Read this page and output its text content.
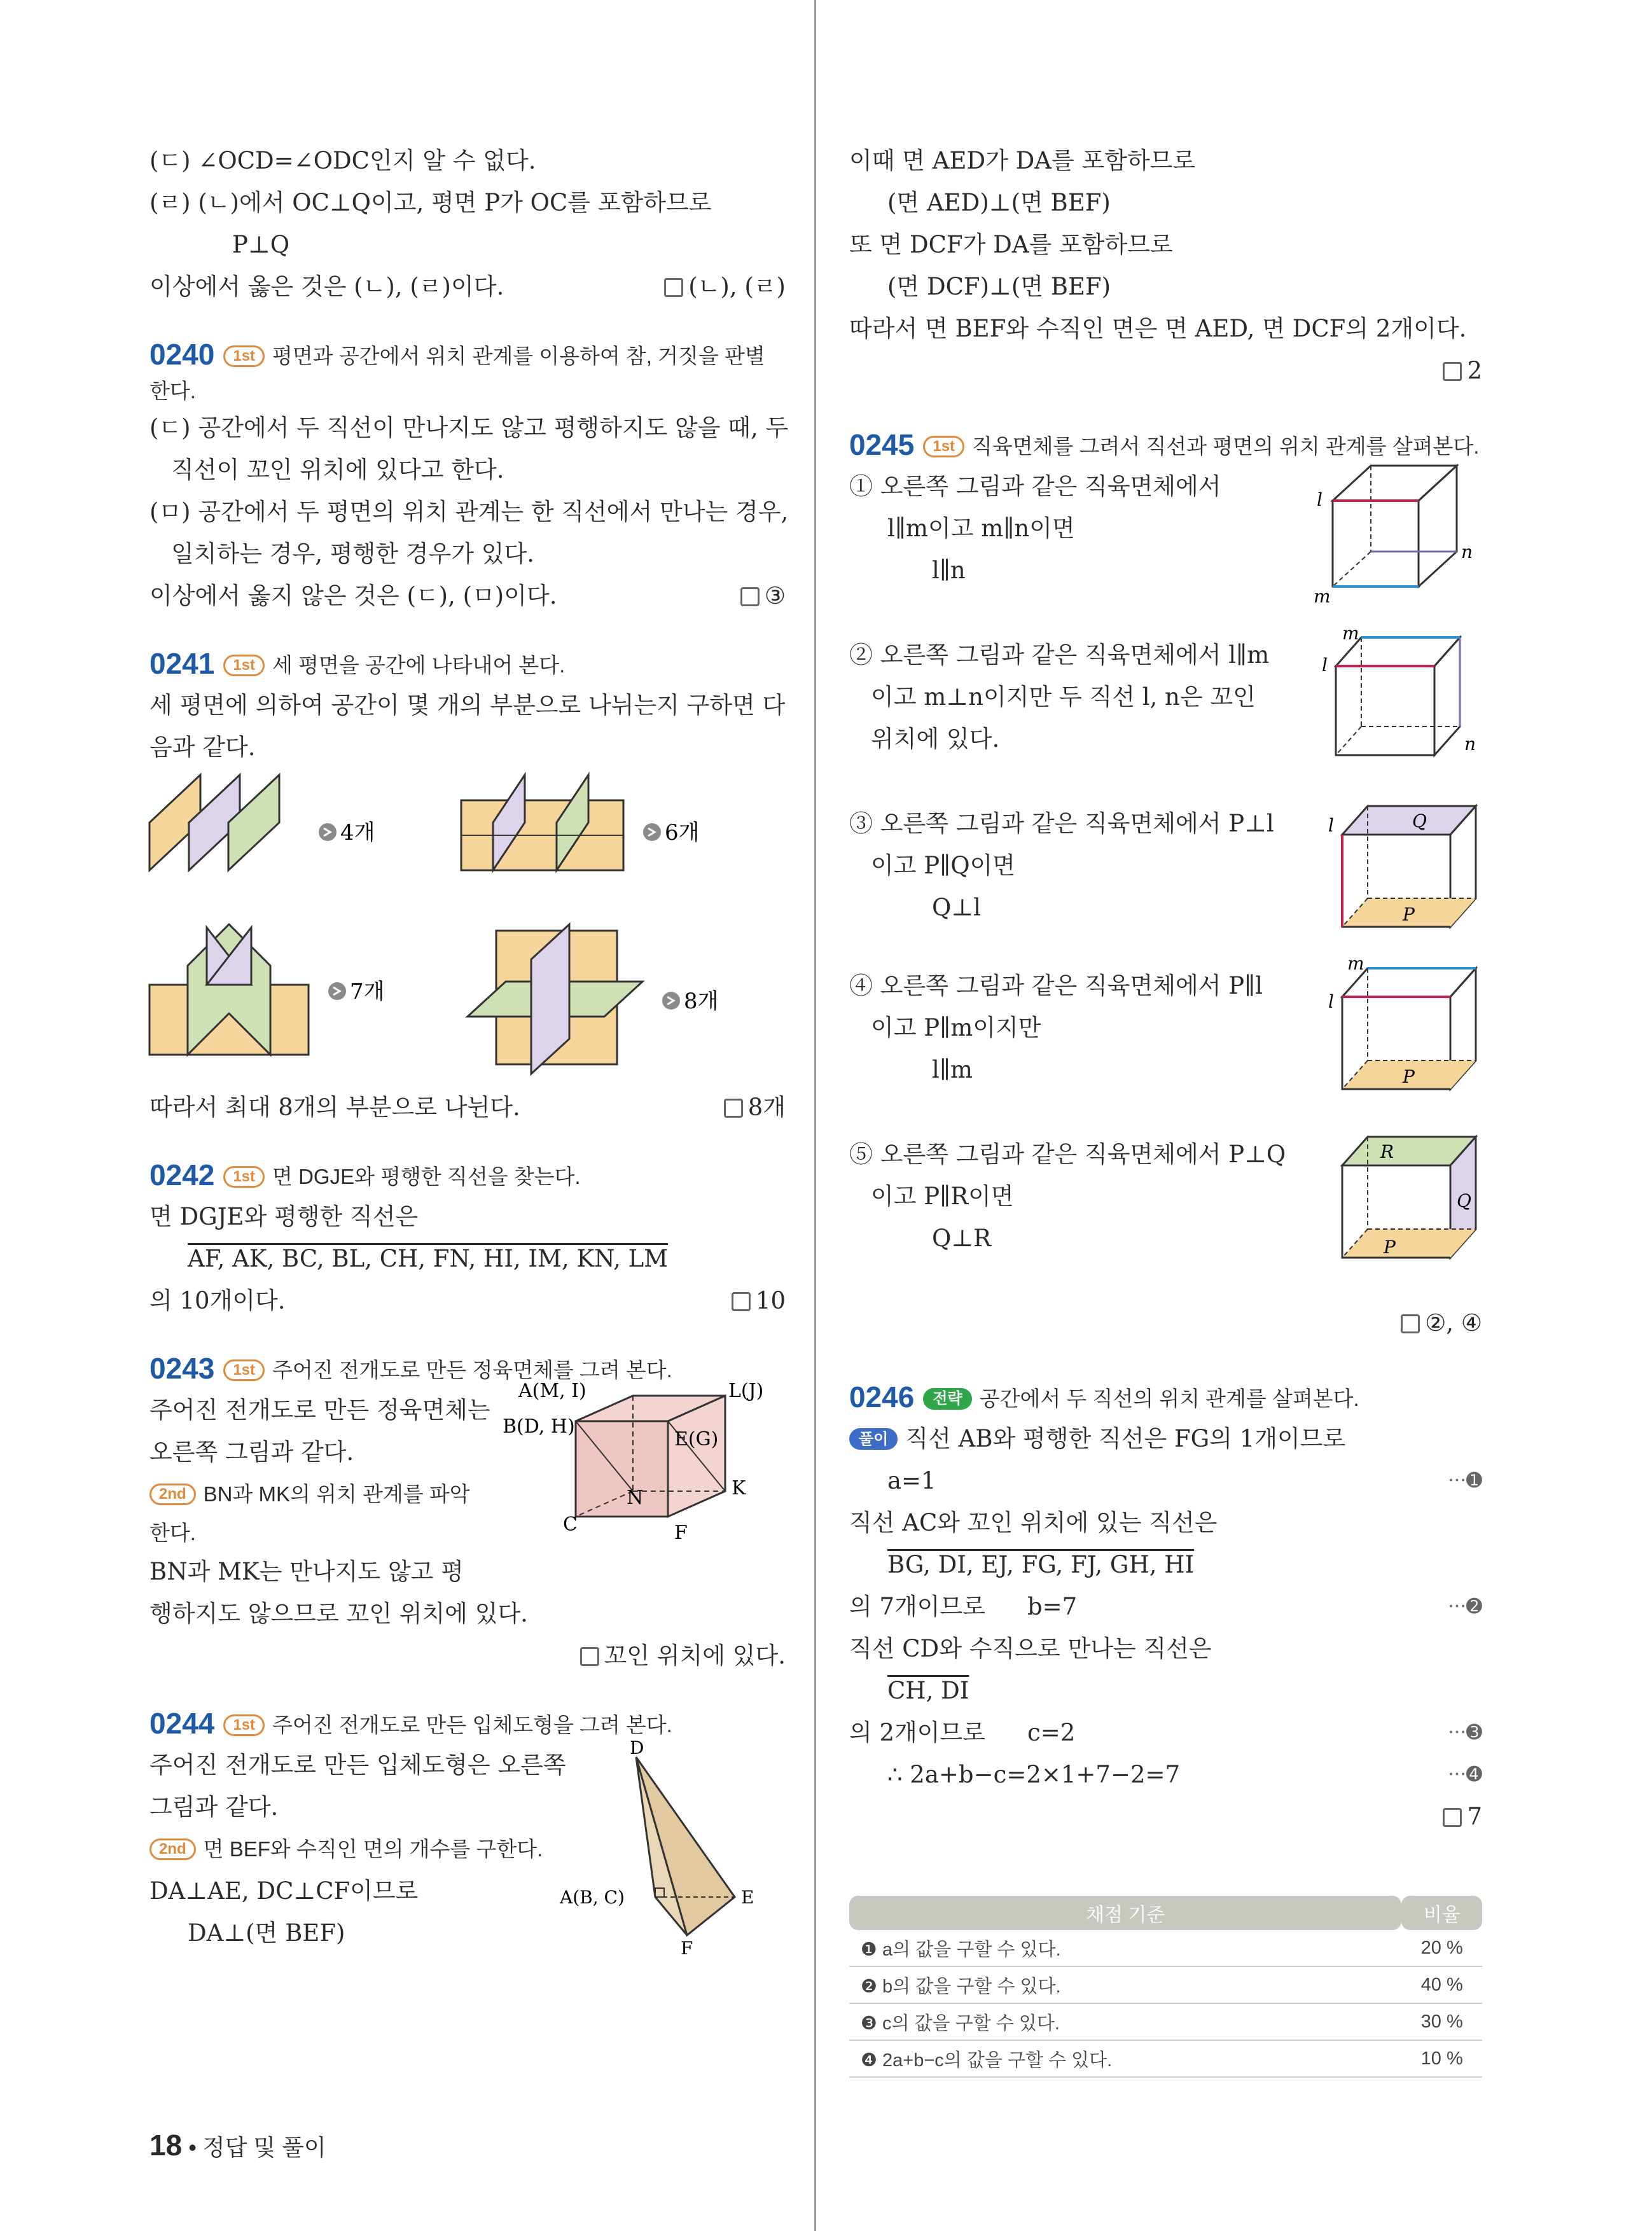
(ㄷ) ∠OCD=∠ODC인지 알 수 없다.
(ㄹ) (ㄴ)에서 OC⊥Q이고, 평면 P가 OC를 포함하므로
P⊥Q
이상에서 옳은 것은 (ㄴ), (ㄹ)이다.	(ㄴ), (ㄹ)
0240 1st 평면과 공간에서 위치 관계를 이용하여 참, 거짓을 판별
한다.
(ㄷ) 공간에서 두 직선이 만나지도 않고 평행하지도 않을 때, 두
직선이 꼬인 위치에 있다고 한다.
(ㅁ) 공간에서 두 평면의 위치 관계는 한 직선에서 만나는 경우,
일치하는 경우, 평행한 경우가 있다.
이상에서 옳지 않은 것은 (ㄷ), (ㅁ)이다.	③
0241 1st 세 평면을 공간에 나타내어 본다.
세 평면에 의하여 공간이 몇 개의 부분으로 나뉘는지 구하면 다
음과 같다.
4개	6개
7개	8개
따라서 최대 8개의 부분으로 나뉜다.	8개
0242 1st 면 DGJE와 평행한 직선을 찾는다.
면 DGJE와 평행한 직선은
AF, AK, BC, BL, CH, FN, HI, IM, KN, LM
의 10개이다.	10
0243 1st 주어진 전개도로 만든 정육면체를 그려 본다.
주어진 전개도로 만든 정육면체는
오른쪽 그림과 같다.
2nd BN과 MK의 위치 관계를 파악
한다.
BN과 MK는 만나지도 않고 평
행하지도 않으므로 꼬인 위치에 있다.
꼬인 위치에 있다.
A(M, I)	L(J)
B(D, H)
E(G)
K
N
C	F
0244 1st 주어진 전개도로 만든 입체도형을 그려 본다.
주어진 전개도로 만든 입체도형은 오른쪽
그림과 같다.
2nd 면 BEF와 수직인 면의 개수를 구한다.
DA⊥AE, DC⊥CF이므로
DA⊥(면 BEF)
D
A(B, C)	E
F
이때 면 AED가 DA를 포함하므로
(면 AED)⊥(면 BEF)
또 면 DCF가 DA를 포함하므로
(면 DCF)⊥(면 BEF)
따라서 면 BEF와 수직인 면은 면 AED, 면 DCF의 2개이다.
2
0245 1st 직육면체를 그려서 직선과 평면의 위치 관계를 살펴본다.
① 오른쪽 그림과 같은 직육면체에서
l∥m이고 m∥n이면
l∥n
l
m
n
② 오른쪽 그림과 같은 직육면체에서 l∥m
이고 m⊥n이지만 두 직선 l, n은 꼬인
위치에 있다.
m
l
n
③ 오른쪽 그림과 같은 직육면체에서 P⊥l
이고 P∥Q이면
Q⊥l
l	Q
P
④ 오른쪽 그림과 같은 직육면체에서 P∥l
이고 P∥m이지만
l∥m
m
l
P
⑤ 오른쪽 그림과 같은 직육면체에서 P⊥Q
이고 P∥R이면
Q⊥R
R
Q
P
②, ④
0246 전략 공간에서 두 직선의 위치 관계를 살펴본다.
풀이 직선 AB와 평행한 직선은 FG의 1개이므로
a=1	···➊
직선 AC와 꼬인 위치에 있는 직선은
BG, DI, EJ, FG, FJ, GH, HI
의 7개이므로 b=7	···➋
직선 CD와 수직으로 만나는 직선은
CH, DI
의 2개이므로 c=2	···➌
∴ 2a+b−c=2×1+7−2=7	···➍
7
채점 기준	비율
❶ a의 값을 구할 수 있다.	20 %
❷ b의 값을 구할 수 있다.	40 %
❸ c의 값을 구할 수 있다.	30 %
❹ 2a+b−c의 값을 구할 수 있다.	10 %
18 • 정답 및 풀이
